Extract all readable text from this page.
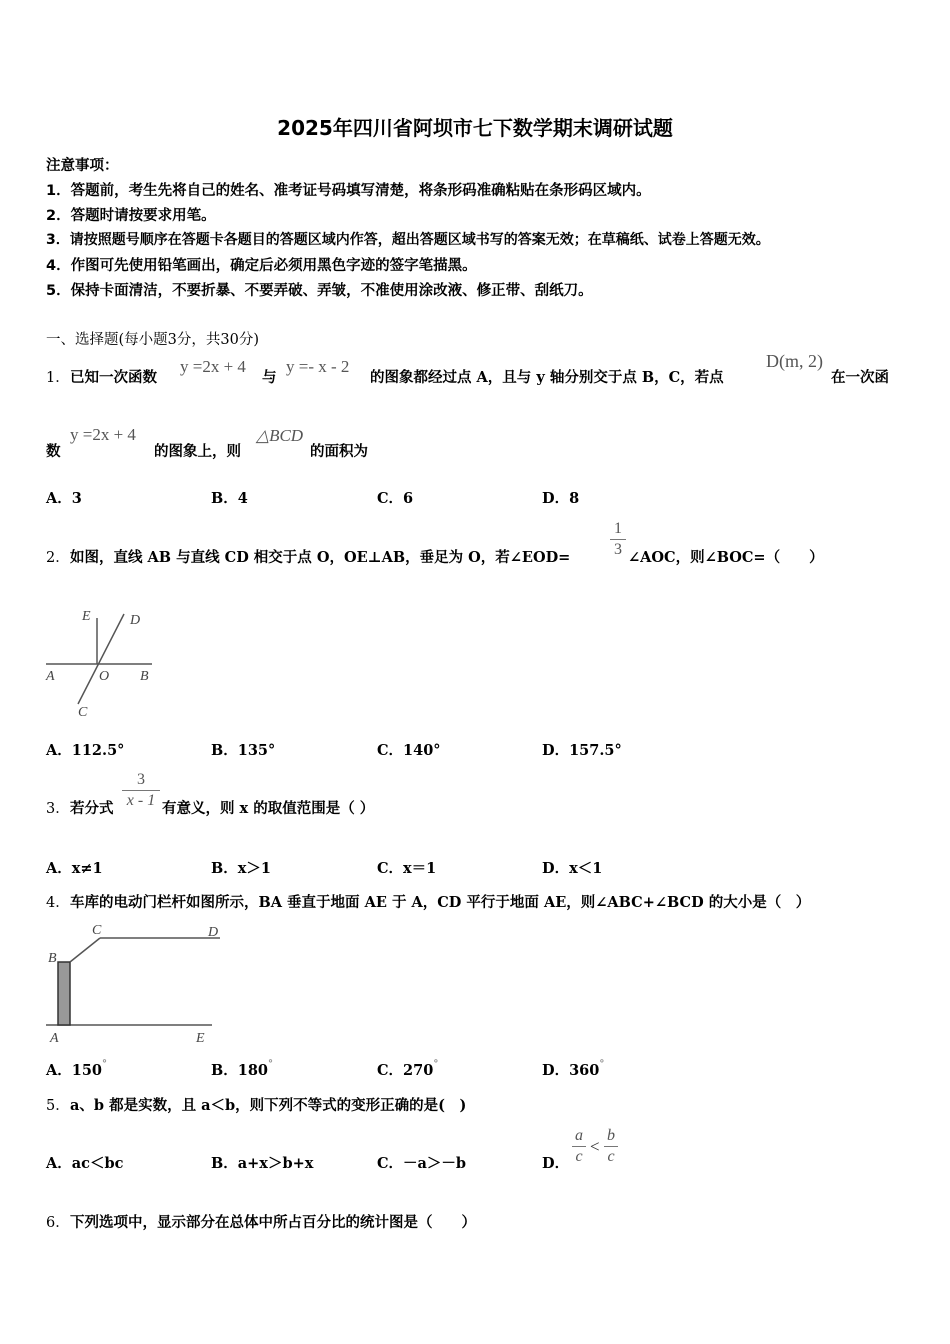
2025年四川省阿坝市七下数学期末调研试题
注意事项：
1．答题前，考生先将自己的姓名、准考证号码填写清楚，将条形码准确粘贴在条形码区域内。
2．答题时请按要求用笔。
3．请按照题号顺序在答题卡各题目的答题区域内作答，超出答题区域书写的答案无效；在草稿纸、试卷上答题无效。
4．作图可先使用铅笔画出，确定后必须用黑色字迹的签字笔描黑。
5．保持卡面清洁，不要折暴、不要弄破、弄皱，不准使用涂改液、修正带、刮纸刀。
一、选择题(每小题3分，共30分)
1． 已知一次函数
y =2x + 4
与
y =- x - 2
的图象都经过点 A，且与 y 轴分别交于点 B，C，若点
D(m, 2)
在一次函
数
y =2x + 4
的图象上，则
△BCD
的面积为
A．3	B．4	C．6	D．8
2． 如图，直线 AB 与直线 CD 相交于点 O，OE⊥AB，垂足为 O，若∠EOD=
1
3 ∠AOC，则∠BOC=（　　）
E	D
A	O B
C
A．112.5°	B．135°	C．140°	D．157.5°
3． 若分式
3
x - 1 有意义，则 x 的取值范围是（ ）
A．x≠1	B．x＞1	C．x＝1	D．x＜1
4． 车库的电动门栏杆如图所示，BA 垂直于地面 AE 于 A，CD 平行于地面 AE，则∠ABC+∠BCD 的大小是（　）
B
C	D
A	E
A．150°	B．180°	C．270°	D．360°
5． a、b 都是实数，且 a＜b，则下列不等式的变形正确的是(　)
A．ac＜bc	B．a+x＞b+x	C．－a＞－b	D．
a
c
<
b
c
6． 下列选项中，显示部分在总体中所占百分比的统计图是（　　）
